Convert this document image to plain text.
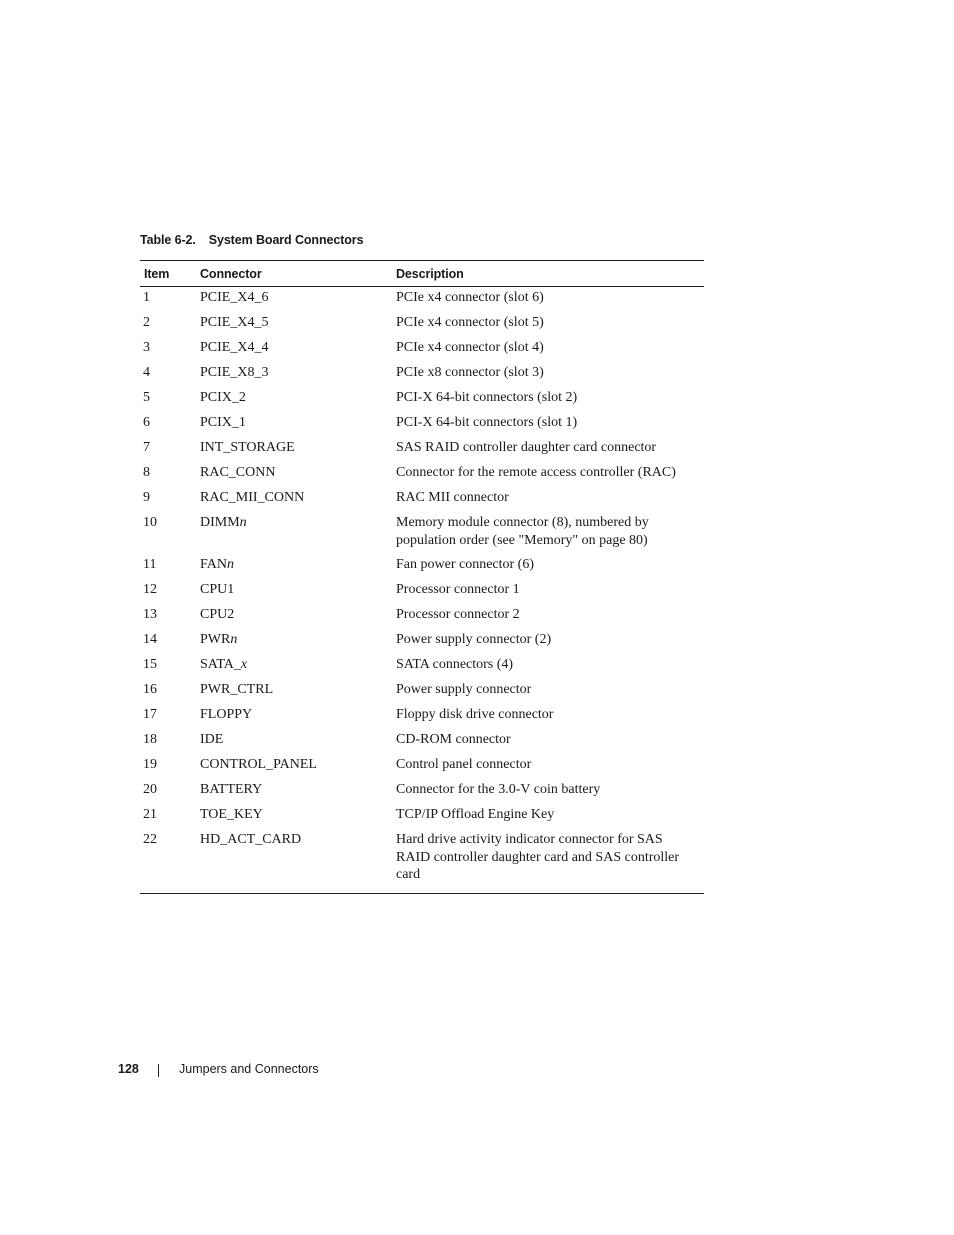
Table 6-2. System Board Connectors
Item	Connector	Description
1	PCIE_X4_6	PCIe x4 connector (slot 6)
2	PCIE_X4_5	PCIe x4 connector (slot 5)
3	PCIE_X4_4	PCIe x4 connector (slot 4)
4	PCIE_X8_3	PCIe x8 connector (slot 3)
5	PCIX_2	PCI-X 64-bit connectors (slot 2)
6	PCIX_1	PCI-X 64-bit connectors (slot 1)
7	INT_STORAGE	SAS RAID controller daughter card connector
8	RAC_CONN	Connector for the remote access controller (RAC)
9	RAC_MII_CONN	RAC MII connector
10	DIMMn	Memory module connector (8), numbered by
population order (see "Memory" on page 80)
11	FANn	Fan power connector (6)
12	CPU1	Processor connector 1
13	CPU2	Processor connector 2
14	PWRn	Power supply connector (2)
15	SATA_x	SATA connectors (4)
16	PWR_CTRL	Power supply connector
17	FLOPPY	Floppy disk drive connector
18	IDE	CD-ROM connector
19	CONTROL_PANEL	Control panel connector
20	BATTERY	Connector for the 3.0-V coin battery
21	TOE_KEY	TCP/IP Offload Engine Key
22	HD_ACT_CARD	Hard drive activity indicator connector for SAS
RAID controller daughter card and SAS controller
card
128	Jumpers and Connectors
